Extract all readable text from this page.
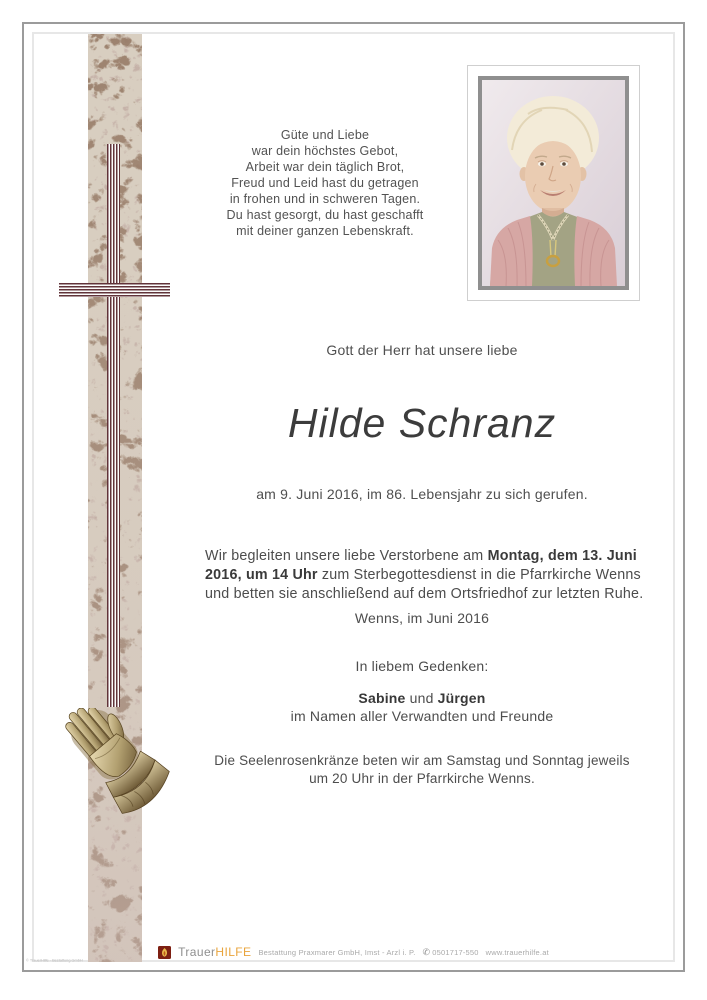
Güte und Liebe
war dein höchstes Gebot,
Arbeit war dein täglich Brot,
Freud und Leid hast du getragen
in frohen und in schweren Tagen.
Du hast gesorgt, du hast geschafft
mit deiner ganzen Lebenskraft.
Gott der Herr hat unsere liebe
Hilde Schranz
am 9. Juni 2016, im 86. Lebensjahr zu sich gerufen.

Wir begleiten unsere liebe Verstorbene am Montag, dem 13. Juni 2016, um 14 Uhr zum Sterbegottesdienst in die Pfarrkirche Wenns und betten sie anschließend auf dem Ortsfriedhof zur letzten Ruhe.

Wenns, im Juni 2016
In liebem Gedenken:
Sabine und Jürgen
im Namen aller Verwandten und Freunde
Die Seelenrosenkränze beten wir am Samstag und Sonntag jeweils
um 20 Uhr in der Pfarrkirche Wenns.
TrauerHILFE Bestattung Praxmarer GmbH, Imst - Arzl i. P. ✆ 0501717-550 www.trauerhilfe.at
© TrauerHilfe · Bestattung GmbH
